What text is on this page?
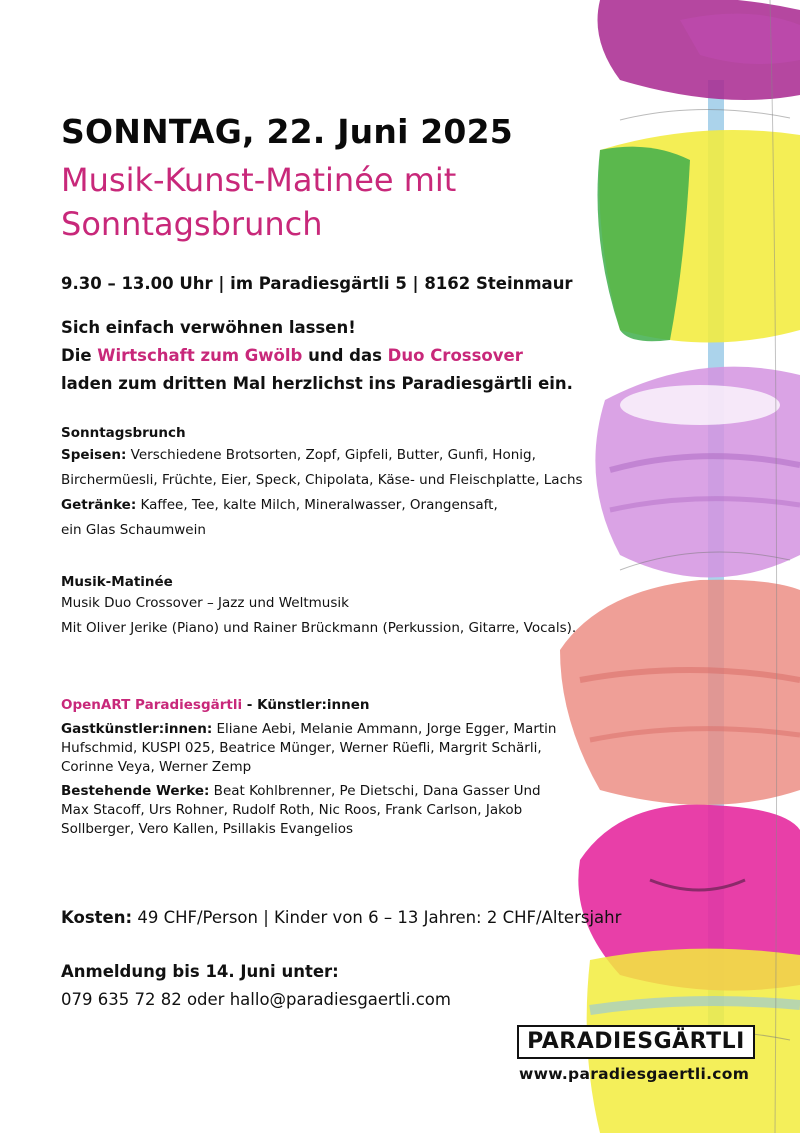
SONNTAG, 22. Juni 2025
Musik-Kunst-Matinée mit Sonntagsbrunch
9.30 – 13.00 Uhr | im Paradiesgärtli 5 | 8162 Steinmaur
Sich einfach verwöhnen lassen!
Die Wirtschaft zum Gwölb und das Duo Crossover
laden zum dritten Mal herzlichst ins Paradiesgärtli ein.
Sonntagsbrunch
Speisen: Verschiedene Brotsorten, Zopf, Gipfeli, Butter, Gunfi, Honig,
Birchermüesli, Früchte, Eier, Speck, Chipolata, Käse- und Fleischplatte, Lachs
Getränke: Kaffee, Tee, kalte Milch, Mineralwasser, Orangensaft,
ein Glas Schaumwein
Musik-Matinée
Musik Duo Crossover – Jazz und Weltmusik
Mit Oliver Jerike (Piano) und Rainer Brückmann (Perkussion, Gitarre, Vocals).
OpenART Paradiesgärtli - Künstler:innen
Gastkünstler:innen: Eliane Aebi, Melanie Ammann, Jorge Egger, Martin Hufschmid, KUSPI 025, Beatrice Münger, Werner Rüefli, Margrit Schärli, Corinne Veya, Werner Zemp
Bestehende Werke: Beat Kohlbrenner, Pe Dietschi, Dana Gasser Und Max Stacoff, Urs Rohner, Rudolf Roth, Nic Roos, Frank Carlson, Jakob Sollberger, Vero Kallen, Psillakis Evangelios
Kosten: 49 CHF/Person | Kinder von 6 – 13 Jahren: 2 CHF/Altersjahr
Anmeldung bis 14. Juni unter:
079 635 72 82 oder hallo@paradiesgaertli.com
PARADIESGÄRTLI
www.paradiesgaertli.com
